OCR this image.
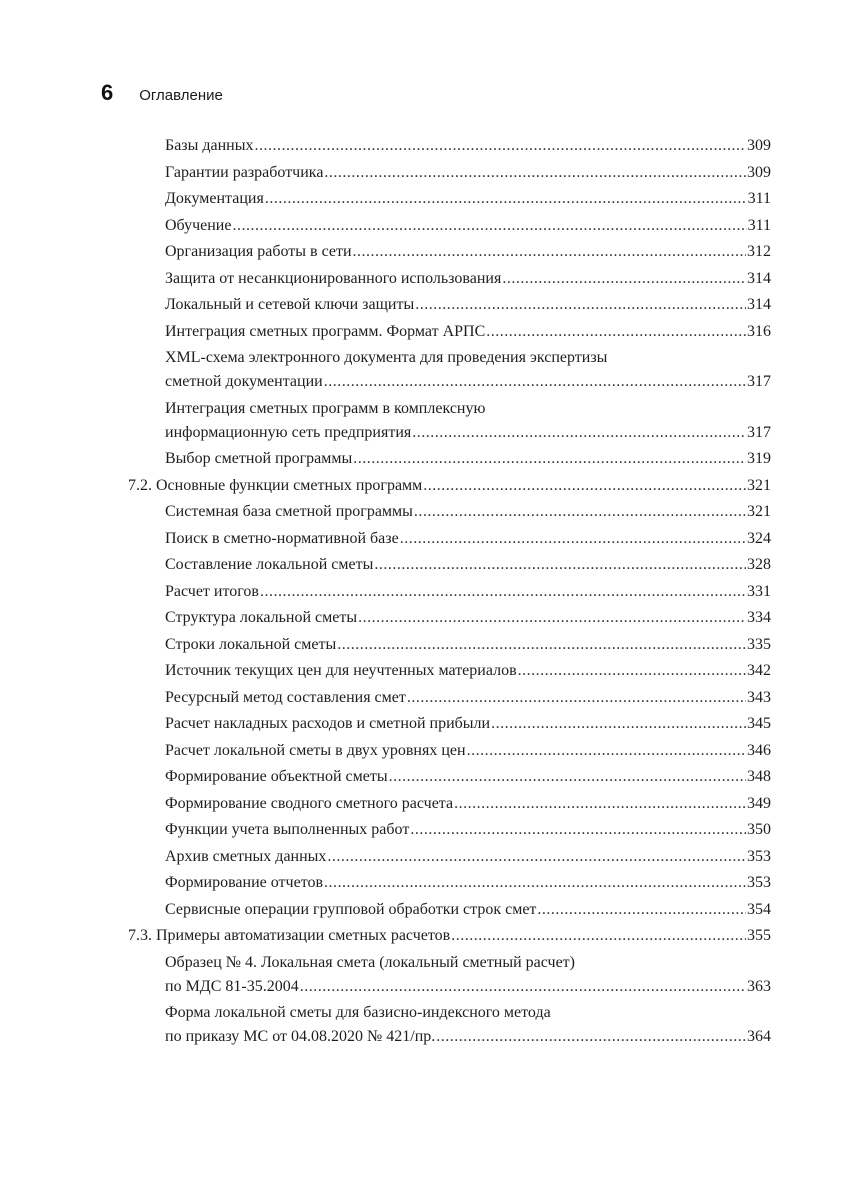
6 Оглавление
Базы данных .....	309
Гарантии разработчика .....	309
Документация .....	311
Обучение .....	311
Организация работы в сети .....	312
Защита от несанкционированного использования .....	314
Локальный и сетевой ключи защиты .....	314
Интеграция сметных программ. Формат АРПС .....	316
XML-схема электронного документа для проведения экспертизы
сметной документации .....	317
Интеграция сметных программ в комплексную
информационную сеть предприятия .....	317
Выбор сметной программы .....	319
7.2. Основные функции сметных программ .....	321
Системная база сметной программы .....	321
Поиск в сметно-нормативной базе .....	324
Составление локальной сметы .....	328
Расчет итогов .....	331
Структура локальной сметы .....	334
Строки локальной сметы .....	335
Источник текущих цен для неучтенных материалов .....	342
Ресурсный метод составления смет .....	343
Расчет накладных расходов и сметной прибыли .....	345
Расчет локальной сметы в двух уровнях цен .....	346
Формирование объектной сметы .....	348
Формирование сводного сметного расчета .....	349
Функции учета выполненных работ .....	350
Архив сметных данных .....	353
Формирование отчетов .....	353
Сервисные операции групповой обработки строк смет .....	354
7.3. Примеры автоматизации сметных расчетов .....	355
Образец № 4. Локальная смета (локальный сметный расчет)
по МДС 81-35.2004 .....	363
Форма локальной сметы для базисно-индексного метода
по приказу МС от 04.08.2020 № 421/пр. .....	364
